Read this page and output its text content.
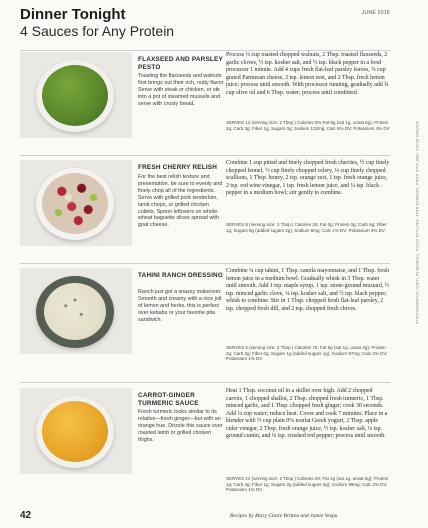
Dinner Tonight
4 Sauces for Any Protein
JUNE 2018
FLAXSEED AND PARSLEY PESTO
Toasting the flaxseeds and walnuts first brings out their rich, nutty flavor. Serve with steak or chicken, or stir into a pot of steamed mussels and serve with crusty bread.
Process ⅓ cup toasted chopped walnuts, 2 Tbsp. toasted flaxseeds, 2 garlic cloves, ½ tsp. kosher salt, and ½ tsp. black pepper in a food processor 1 minute. Add 4 cups fresh flat-leaf parsley leaves, ⅓ cup grated Parmesan cheese, 2 tsp. lemon zest, and 2 Tbsp. fresh lemon juice; process until smooth. With processor running, gradually add ¾ cup olive oil and 6 Tbsp. water; process until combined.
SERVES 12 (serving size: 2 Tbsp.) Calories 0% Fat 8g (sat 1g, unsat 6g); Protein 2g; Carb 3g; Fiber 1g; Sugars 0g; Sodium 132mg; Calc 5% DV; Potassium 4% DV
FRESH CHERRY RELISH
For the best relish texture and presentation, be sure to evenly and finely chop all of the ingredients. Serve with grilled pork tenderloin, lamb chops, or grilled chicken cutlets. Spoon leftovers on whole-wheat baguette slices spread with goat cheese.
Combine 1 cup pitted and finely chopped fresh cherries, ½ cup finely chopped fennel, ½ cup finely chopped celery, ¼ cup finely chopped scallions, 1 Tbsp. honey, 2 tsp. orange zest, 1 tsp. fresh orange juice, 2 tsp. red wine vinegar, 1 tsp. fresh lemon juice, and ¼ tsp. black pepper in a medium bowl; stir gently to combine.
SERVES 8 (serving size: 3 Tbsp.) Calories 26; Fat 0g; Protein 0g; Carb 6g; Fiber 1g; Sugars 5g (added sugars 2g); Sodium 8mg; Calc 1% DV; Potassium 3% DV
TAHINI RANCH DRESSING
Ranch just got a snazzy makeover. Smooth and creamy with a nice jolt of lemon and herbs, this is perfect over kebabs or your favorite pita sandwich.
Combine ¼ cup tahini, 1 Tbsp. canola mayonnaise, and 1 Tbsp. fresh lemon juice in a medium bowl. Gradually whisk in 3 Tbsp. water until smooth. Add 1 tsp. maple syrup, 1 tsp. stone-ground mustard, ½ tsp. minced garlic clove, ¼ tsp. kosher salt, and ½ tsp. black pepper; whisk to combine. Stir in 1 Tbsp. chopped fresh flat-leaf parsley, 2 tsp. chopped fresh dill, and 2 tsp. chopped fresh chives.
SERVES 6 (serving size: 2 Tbsp.) Calories 75; Fat 5g (sat 1g, unsat 4g); Protein 2g; Carb 2g; Fiber 0g; Sugars 1g (added sugars 1g); Sodium 97mg; Calc 2% DV; Potassium 1% DV
CARROT-GINGER TURMERIC SAUCE
Fresh turmeric looks similar to its relative—fresh ginger—but with an orange hue. Drizzle this sauce over roasted lamb or grilled chicken thighs.
Heat 1 Tbsp. coconut oil in a skillet over high. Add 2 chopped carrots, 1 chopped shallot, 2 Tbsp. chopped fresh turmeric, 1 Tbsp. minced garlic, and 1 Tbsp. chopped fresh ginger; cook 30 seconds. Add ¼ cup water; reduce heat. Cover and cook 7 minutes. Place in a blender with ½ cup plain 0% nonfat Greek yogurt, 2 Tbsp. apple cider vinegar, 2 Tbsp. fresh orange juice, ½ tsp. kosher salt, ¼ tsp. ground cumin, and ⅛ tsp. crushed red pepper; process until smooth.
SERVES 12 (serving size: 2 Tbsp.) Calories 29; Fat 1g (sat 1g, unsat 0g); Protein 1g; Carb 4g; Fiber 1g; Sugars 2g (added sugars 0g); Sodium 99mg; Calc 2% DV; Potassium 1% DV
PHOTOGRAPHY: CAITLIN BENSEL; FOOD STYLING: TINA STAMOS; PROP STYLING: THOM DRIVER
42	Recipes by Mary Claire Britton and Jamie Vespa
